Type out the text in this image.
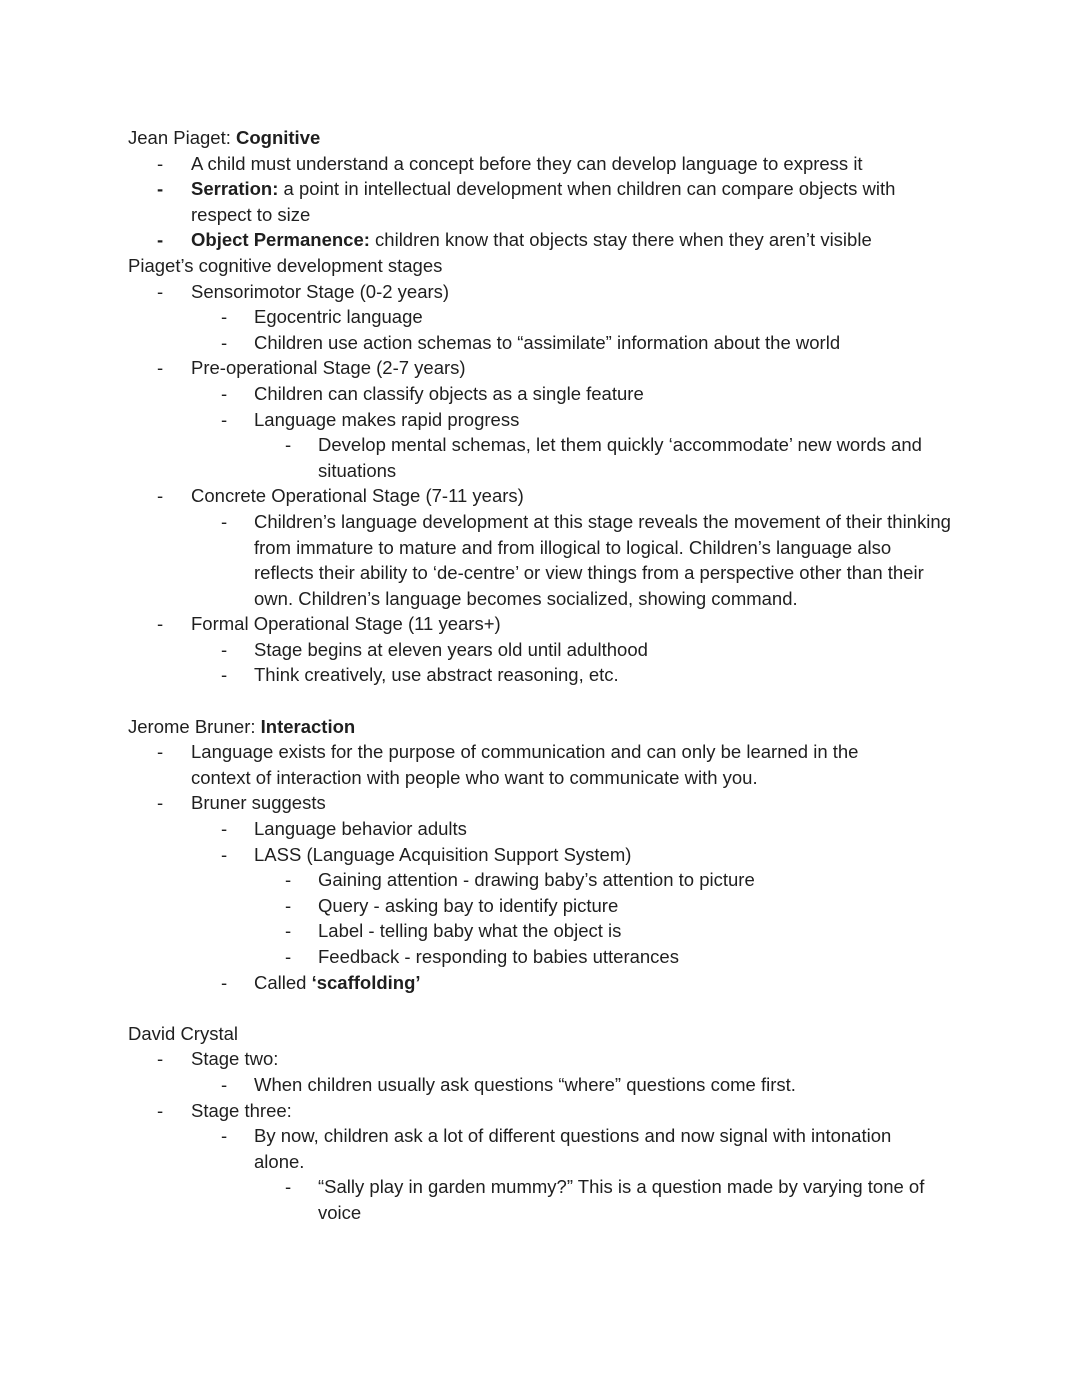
Jean Piaget: Cognitive
- A child must understand a concept before they can develop language to express it
- Serration: a point in intellectual development when children can compare objects with respect to size
- Object Permanence: children know that objects stay there when they aren’t visible
Piaget’s cognitive development stages
- Sensorimotor Stage (0-2 years)
- Egocentric language
- Children use action schemas to “assimilate” information about the world
- Pre-operational Stage (2-7 years)
- Children can classify objects as a single feature
- Language makes rapid progress
- Develop mental schemas, let them quickly ‘accommodate’ new words and situations
- Concrete Operational Stage (7-11 years)
- Children’s language development at this stage reveals the movement of their thinking from immature to mature and from illogical to logical. Children’s language also reflects their ability to ‘de-centre’ or view things from a perspective other than their own. Children’s language becomes socialized, showing command.
- Formal Operational Stage (11 years+)
- Stage begins at eleven years old until adulthood
- Think creatively, use abstract reasoning, etc.
Jerome Bruner: Interaction
- Language exists for the purpose of communication and can only be learned in the context of interaction with people who want to communicate with you.
- Bruner suggests
- Language behavior adults
- LASS (Language Acquisition Support System)
- Gaining attention - drawing baby’s attention to picture
- Query - asking bay to identify picture
- Label - telling baby what the object is
- Feedback - responding to babies utterances
- Called ‘scaffolding’
David Crystal
- Stage two:
- When children usually ask questions “where” questions come first.
- Stage three:
- By now, children ask a lot of different questions and now signal with intonation alone.
- “Sally play in garden mummy?” This is a question made by varying tone of voice
